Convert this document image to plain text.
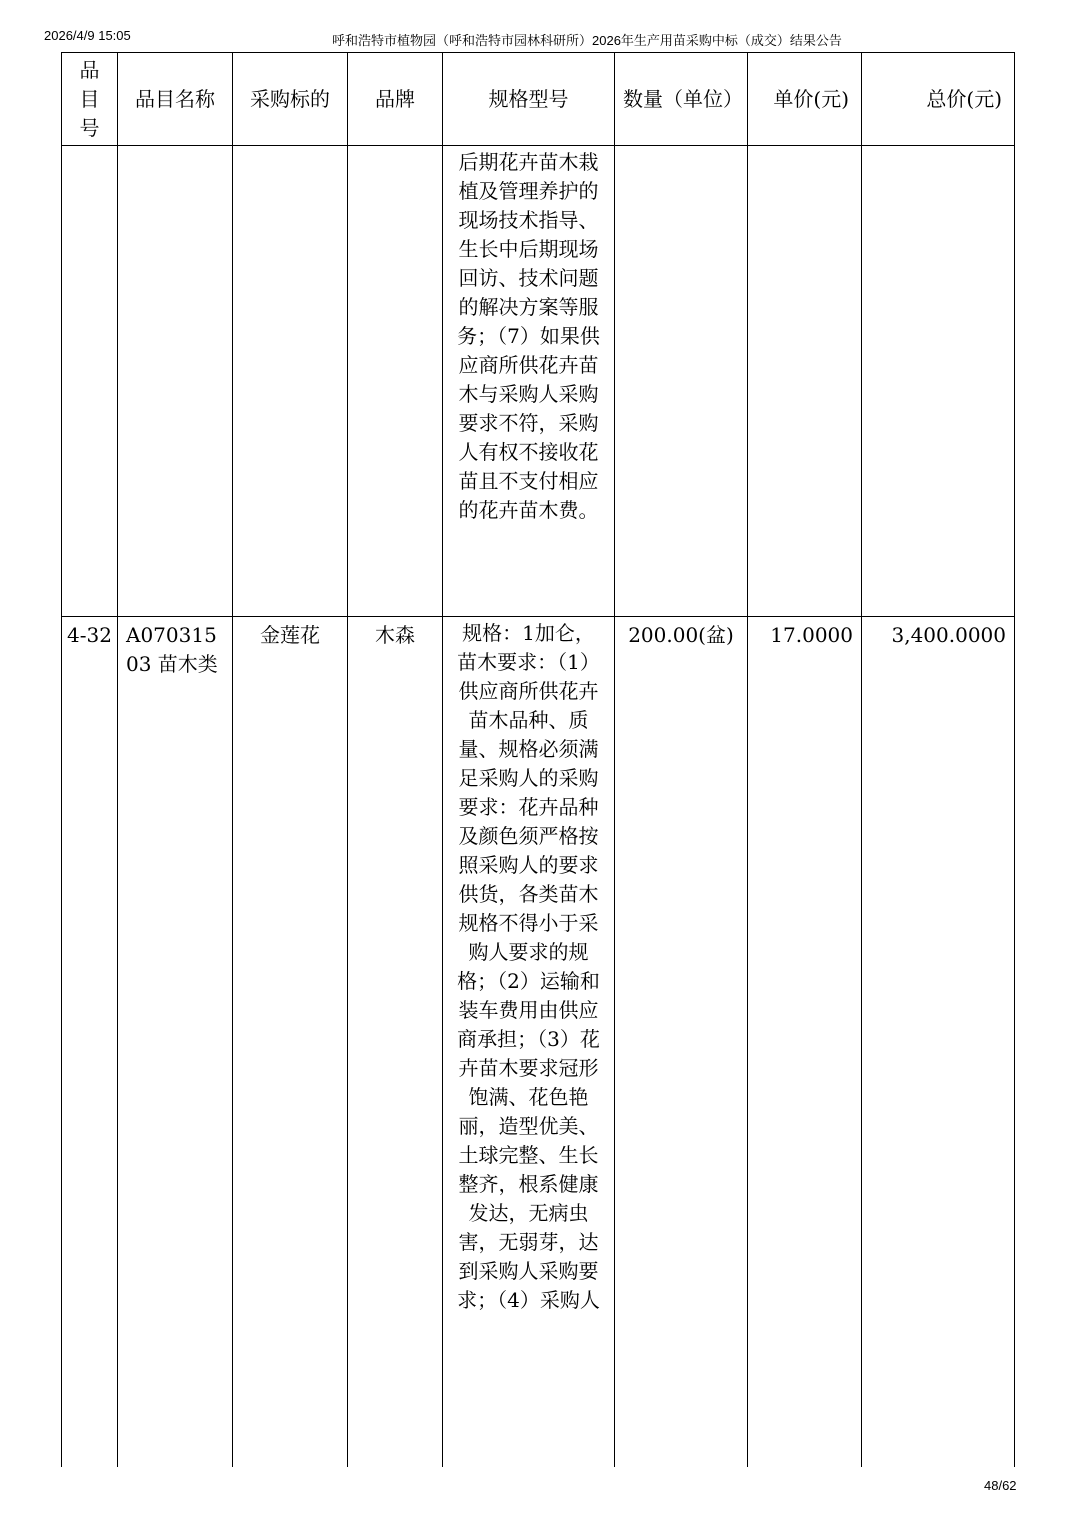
2026/4/9 15:05	呼和浩特市植物园（呼和浩特市园林科研所）2026年生产用苗采购中标（成交）结果公告
品目号	品目名称	采购标的	品牌	规格型号	数量（单位）	单价(元)	总价(元)

				后期花卉苗木栽植及管理养护的现场技术指导、生长中后期现场回访、技术问题的解决方案等服务；（7）如果供应商所供花卉苗木与采购人采购要求不符，采购人有权不接收花苗且不支付相应的花卉苗木费。			
4-32	A07031503 苗木类	金莲花	木森	规格：1加仑，苗木要求：（1）供应商所供花卉苗木品种、质量、规格必须满足采购人的采购要求：花卉品种及颜色须严格按照采购人的要求供货，各类苗木规格不得小于采购人要求的规格；（2）运输和装车费用由供应商承担；（3）花卉苗木要求冠形饱满、花色艳丽，造型优美、土球完整、生长整齐，根系健康发达，无病虫害，无弱芽，达到采购人采购要求；（4）采购人	200.00(盆)	17.0000	3,400.0000
48/62
